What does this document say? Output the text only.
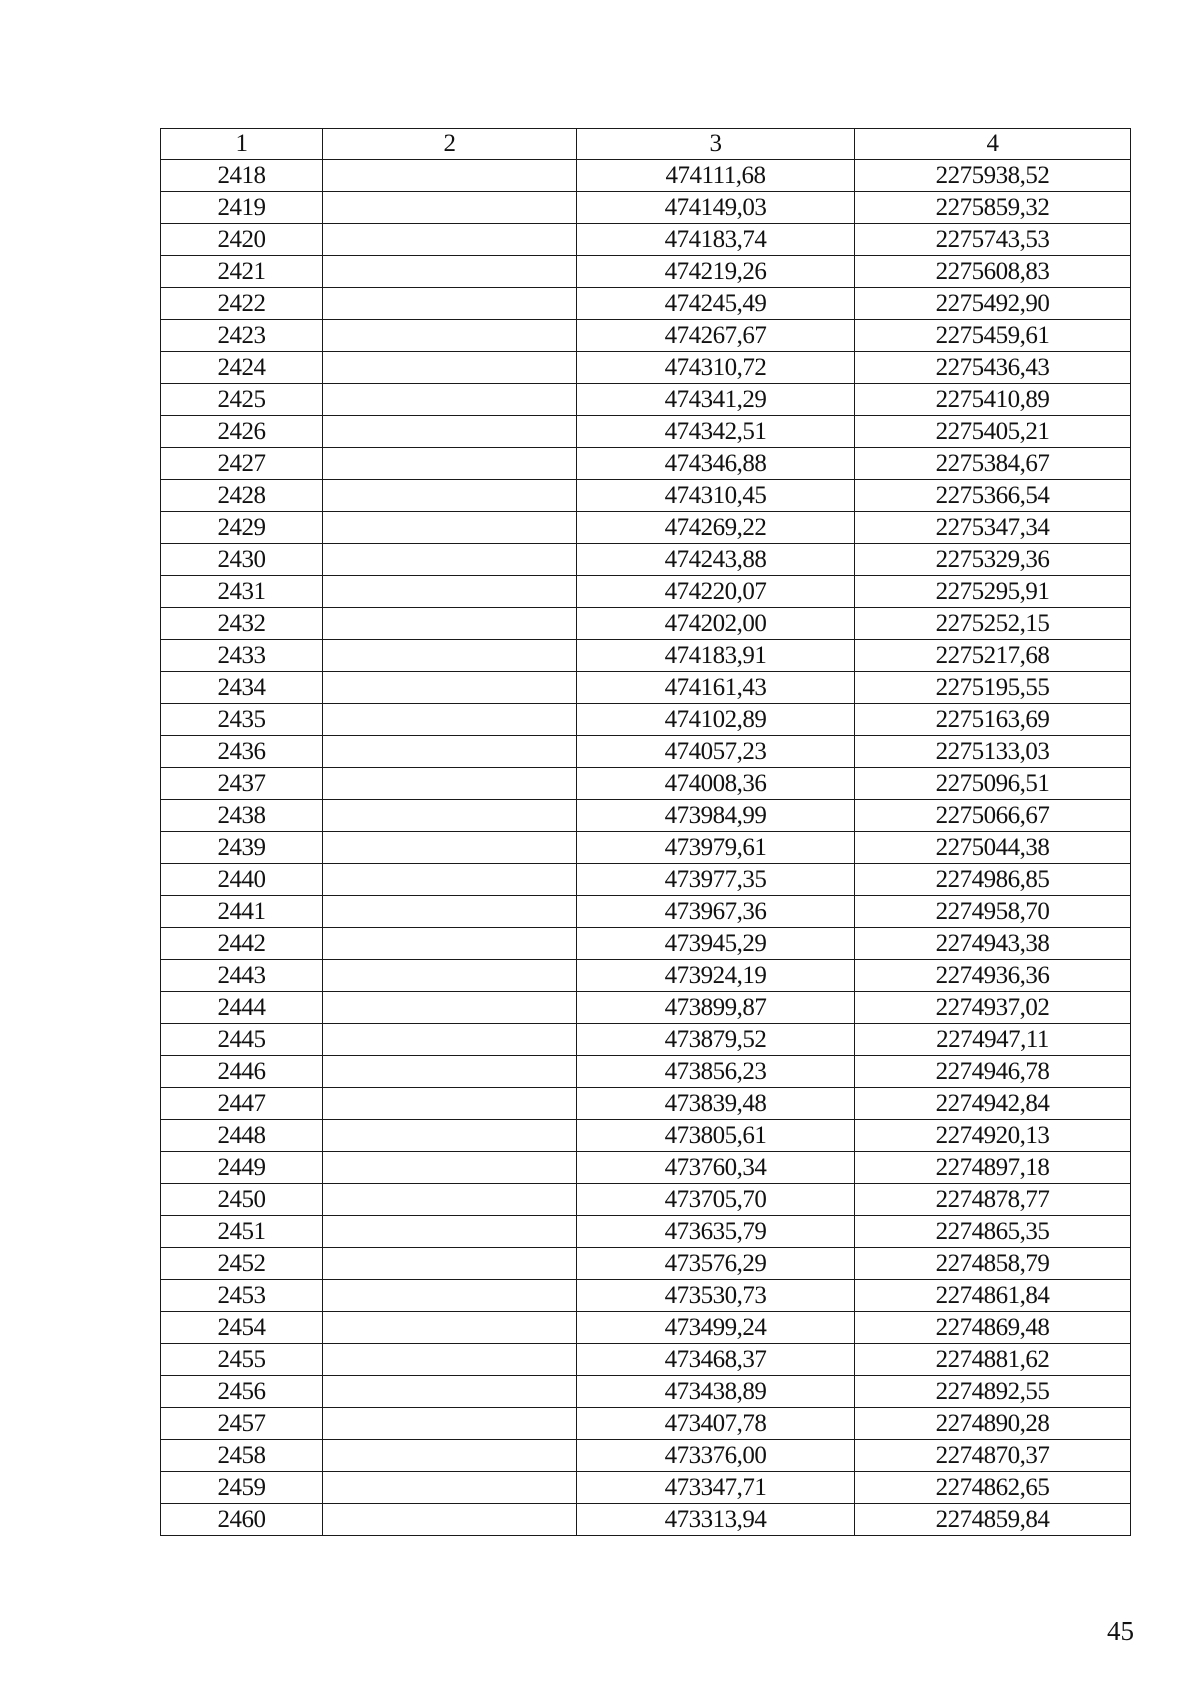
1	2	3	4
2418		474111,68	2275938,52
2419		474149,03	2275859,32
2420		474183,74	2275743,53
2421		474219,26	2275608,83
2422		474245,49	2275492,90
2423		474267,67	2275459,61
2424		474310,72	2275436,43
2425		474341,29	2275410,89
2426		474342,51	2275405,21
2427		474346,88	2275384,67
2428		474310,45	2275366,54
2429		474269,22	2275347,34
2430		474243,88	2275329,36
2431		474220,07	2275295,91
2432		474202,00	2275252,15
2433		474183,91	2275217,68
2434		474161,43	2275195,55
2435		474102,89	2275163,69
2436		474057,23	2275133,03
2437		474008,36	2275096,51
2438		473984,99	2275066,67
2439		473979,61	2275044,38
2440		473977,35	2274986,85
2441		473967,36	2274958,70
2442		473945,29	2274943,38
2443		473924,19	2274936,36
2444		473899,87	2274937,02
2445		473879,52	2274947,11
2446		473856,23	2274946,78
2447		473839,48	2274942,84
2448		473805,61	2274920,13
2449		473760,34	2274897,18
2450		473705,70	2274878,77
2451		473635,79	2274865,35
2452		473576,29	2274858,79
2453		473530,73	2274861,84
2454		473499,24	2274869,48
2455		473468,37	2274881,62
2456		473438,89	2274892,55
2457		473407,78	2274890,28
2458		473376,00	2274870,37
2459		473347,71	2274862,65
2460		473313,94	2274859,84
45
